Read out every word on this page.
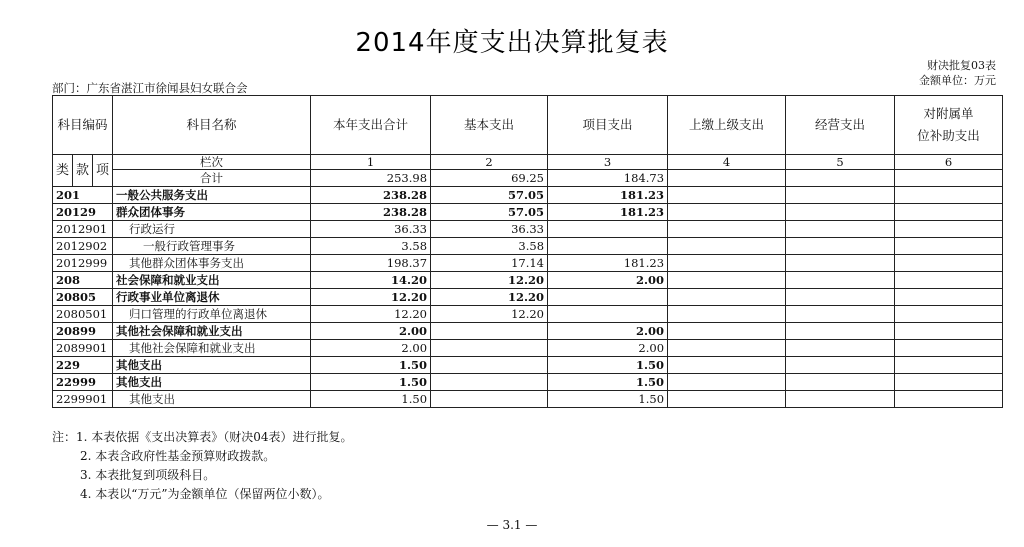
2014年度支出决算批复表
财决批复03表
金额单位：万元
部门：广东省湛江市徐闻县妇女联合会
科目编码			科目名称	本年支出合计	基本支出	项目支出	上缴上级支出	经营支出	对附属单
位补助支出

类	款	项	栏次	1	2	3	4	5	6
			合计	253.98	69.25	184.73			
201			一般公共服务支出	238.28	57.05	181.23			
20129			群众团体事务	238.28	57.05	181.23			
2012901			行政运行	36.33	36.33				
2012902			一般行政管理事务	3.58	3.58				
2012999			其他群众团体事务支出	198.37	17.14	181.23			
208			社会保障和就业支出	14.20	12.20	2.00			
20805			行政事业单位离退休	12.20	12.20				
2080501			归口管理的行政单位离退休	12.20	12.20				
20899			其他社会保障和就业支出	2.00		2.00			
2089901			其他社会保障和就业支出	2.00		2.00			
229			其他支出	1.50		1.50			
22999			其他支出	1.50		1.50			
2299901			其他支出	1.50		1.50			
注：1. 本表依据《支出决算表》（财决04表）进行批复。
2. 本表含政府性基金预算财政拨款。
3. 本表批复到项级科目。
4. 本表以“万元”为金额单位（保留两位小数）。
— 3.1 —
